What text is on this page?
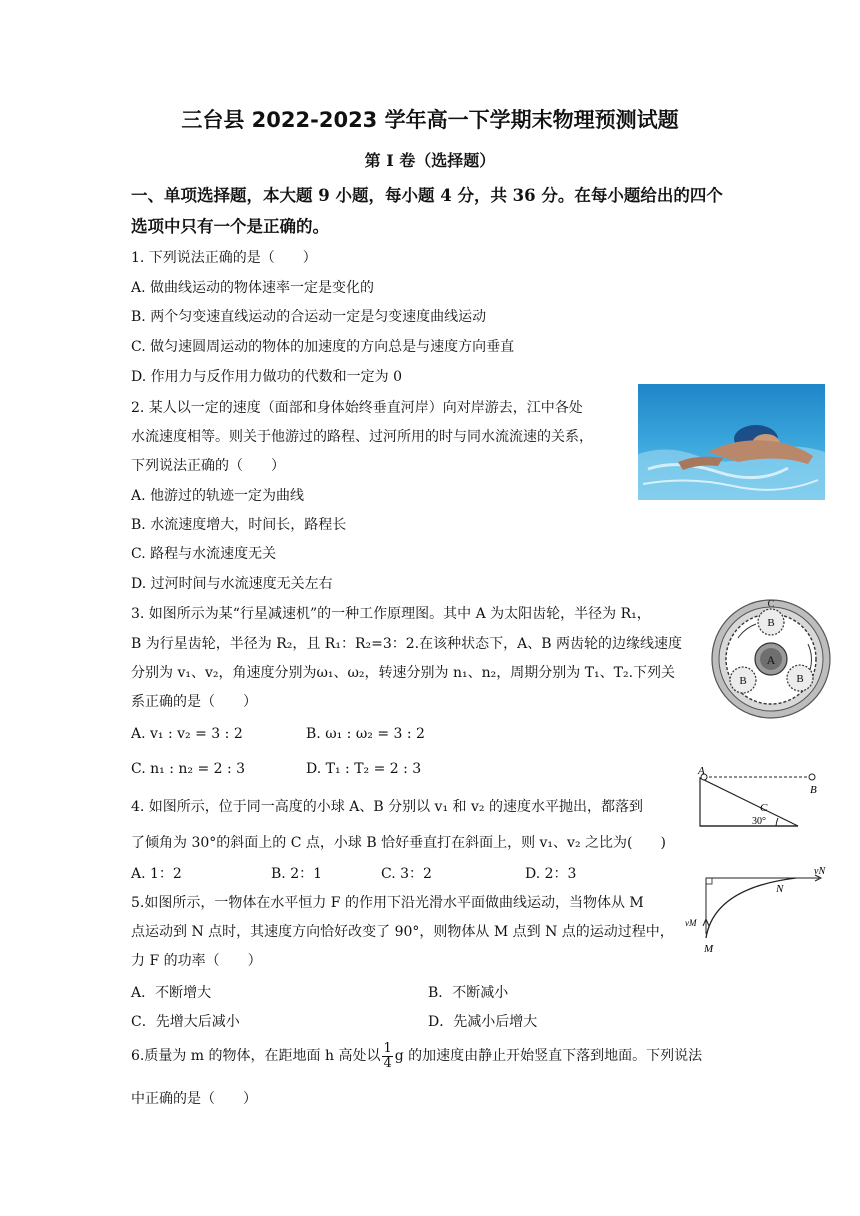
三台县 2022-2023 学年高一下学期末物理预测试题
第 I 卷（选择题）
一、单项选择题，本大题 9 小题，每小题 4 分，共 36 分。在每小题给出的四个
选项中只有一个是正确的。
1. 下列说法正确的是（　　）
A. 做曲线运动的物体速率一定是变化的
B. 两个匀变速直线运动的合运动一定是匀变速度曲线运动
C. 做匀速圆周运动的物体的加速度的方向总是与速度方向垂直
D. 作用力与反作用力做功的代数和一定为 0
2. 某人以一定的速度（面部和身体始终垂直河岸）向对岸游去，江中各处
水流速度相等。则关于他游过的路程、过河所用的时与同水流流速的关系，
下列说法正确的（　　）
A. 他游过的轨迹一定为曲线
B. 水流速度增大，时间长，路程长
C. 路程与水流速度无关
D. 过河时间与水流速度无关左右
3. 如图所示为某“行星减速机”的一种工作原理图。其中 A 为太阳齿轮，半径为 R₁，
B 为行星齿轮，半径为 R₂，且 R₁：R₂=3：2.在该种状态下，A、B 两齿轮的边缘线速度
分别为 v₁、v₂，角速度分别为ω₁、ω₂，转速分别为 n₁、n₂，周期分别为 T₁、T₂.下列关
系正确的是（　　）
A. v₁ : v₂ = 3 : 2	B. ω₁ : ω₂ = 3 : 2
C. n₁ : n₂ = 2 : 3	D. T₁ : T₂ = 2 : 3
A
B
B	B
C
4. 如图所示，位于同一高度的小球 A、B 分别以 v₁ 和 v₂ 的速度水平抛出，都落到
了倾角为 30°的斜面上的 C 点，小球 B 恰好垂直打在斜面上，则 v₁、v₂ 之比为(　　)
A. 1：2	B. 2：1	C. 3：2	D. 2：3
A
B
C
30°
5.如图所示，一物体在水平恒力 F 的作用下沿光滑水平面做曲线运动，当物体从 M
点运动到 N 点时，其速度方向恰好改变了 90°，则物体从 M 点到 N 点的运动过程中，
力 F 的功率（　　）
A．不断增大	B．不断减小
C．先增大后减小	D．先减小后增大
vN
N
vM
M
6.质量为 m 的物体，在距地面 h 高处以 $\frac{1}{4}$ g 的加速度由静止开始竖直下落到地面。下列说法
中正确的是（　　）
